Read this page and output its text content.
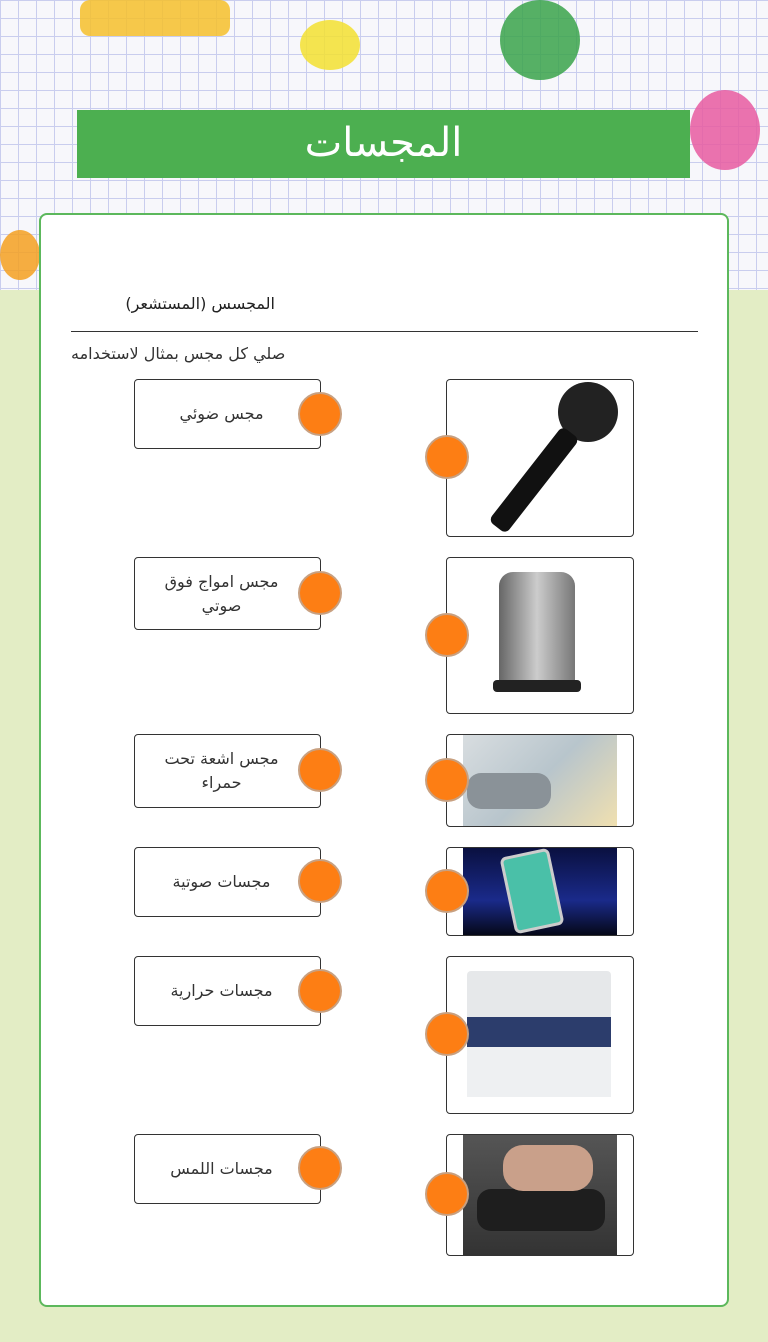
المجسات
المجسس (المستشعر)
صلي كل مجس بمثال لاستخدامه
مجس ضوئي
مجس امواج فوق صوتي
مجس اشعة تحت حمراء
مجسات صوتية
مجسات حرارية
مجسات اللمس
